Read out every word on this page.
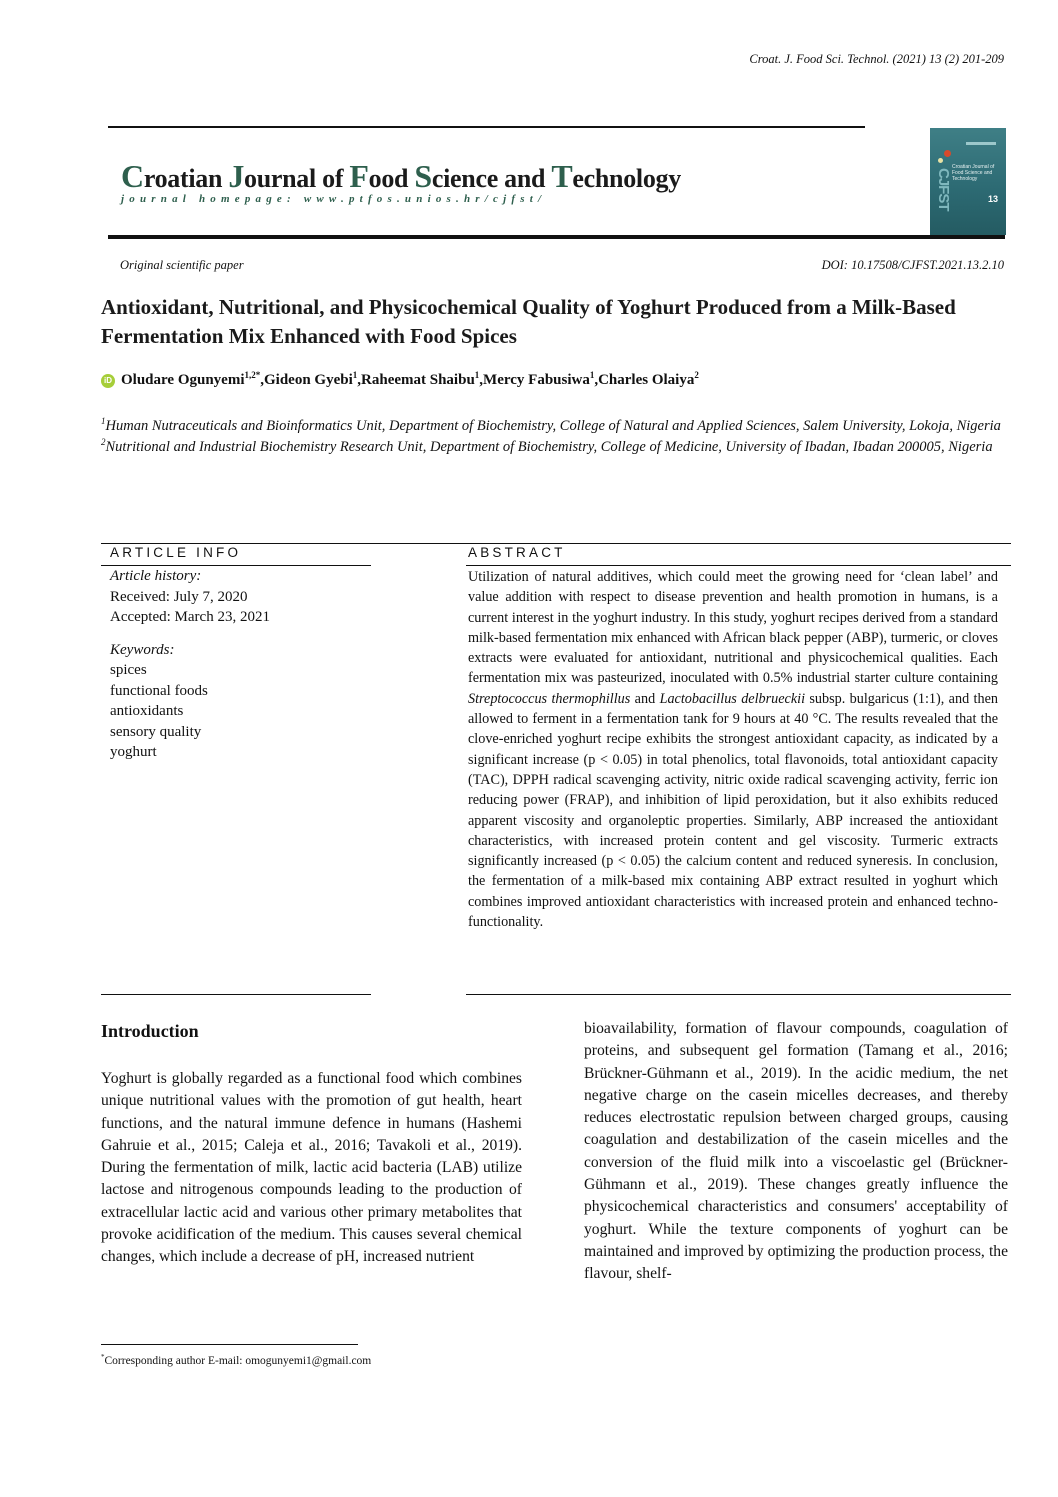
Croat. J. Food Sci. Technol. (2021) 13 (2) 201-209
Croatian Journal of Food Science and Technology
journal homepage: www.ptfos.unios.hr/cjfst/	CJFST
Croatian Journal of Food Science and Technology
13
Original scientific paper	DOI: 10.17508/CJFST.2021.13.2.10
Antioxidant, Nutritional, and Physicochemical Quality of Yoghurt Produced from a Milk-Based Fermentation Mix Enhanced with Food Spices
iD Oludare Ogunyemi$^{1,2*}$, Gideon Gyebi$^1$, Raheemat Shaibu$^1$, Mercy Fabusiwa$^1$, Charles Olaiya$^2$
$^1$Human Nutraceuticals and Bioinformatics Unit, Department of Biochemistry, College of Natural and Applied Sciences, Salem University, Lokoja, Nigeria
$^2$Nutritional and Industrial Biochemistry Research Unit, Department of Biochemistry, College of Medicine, University of Ibadan, Ibadan 200005, Nigeria
ARTICLE INFO	ABSTRACT
Article history:
Received: July 7, 2020
Accepted: March 23, 2021
Keywords:
spices
functional foods
antioxidants
sensory quality
yoghurt

Utilization of natural additives, which could meet the growing need for ‘clean label’ and value addition with respect to disease prevention and health promotion in humans, is a current interest in the yoghurt industry. In this study, yoghurt recipes derived from a standard milk-based fermentation mix enhanced with African black pepper (ABP), turmeric, or cloves extracts were evaluated for antioxidant, nutritional and physicochemical qualities. Each fermentation mix was pasteurized, inoculated with 0.5% industrial starter culture containing Streptococcus thermophillus and Lactobacillus delbrueckii subsp. bulgaricus (1:1), and then allowed to ferment in a fermentation tank for 9 hours at 40 °C. The results revealed that the clove-enriched yoghurt recipe exhibits the strongest antioxidant capacity, as indicated by a significant increase (p < 0.05) in total phenolics, total flavonoids, total antioxidant capacity (TAC), DPPH radical scavenging activity, nitric oxide radical scavenging activity, ferric ion reducing power (FRAP), and inhibition of lipid peroxidation, but it also exhibits reduced apparent viscosity and organoleptic properties. Similarly, ABP increased the antioxidant characteristics, with increased protein content and gel viscosity. Turmeric extracts significantly increased (p < 0.05) the calcium content and reduced syneresis. In conclusion, the fermentation of a milk-based mix containing ABP extract resulted in yoghurt which combines improved antioxidant characteristics with increased protein and enhanced techno-functionality.

Introduction

Yoghurt is globally regarded as a functional food which combines unique nutritional values with the promotion of gut health, heart functions, and the natural immune defence in humans (Hashemi Gahruie et al., 2015; Caleja et al., 2016; Tavakoli et al., 2019). During the fermentation of milk, lactic acid bacteria (LAB) utilize lactose and nitrogenous compounds leading to the production of extracellular lactic acid and various other primary metabolites that provoke acidification of the medium. This causes several chemical changes, which include a decrease of pH, increased nutrient

bioavailability, formation of flavour compounds, coagulation of proteins, and subsequent gel formation (Tamang et al., 2016; Brückner-Gühmann et al., 2019). In the acidic medium, the net negative charge on the casein micelles decreases, and thereby reduces electrostatic repulsion between charged groups, causing coagulation and destabilization of the casein micelles and the conversion of the fluid milk into a viscoelastic gel (Brückner-Gühmann et al., 2019). These changes greatly influence the physicochemical characteristics and consumers' acceptability of yoghurt. While the texture components of yoghurt can be maintained and improved by optimizing the production process, the flavour, shelf-

*Corresponding author E-mail: omogunyemi1@gmail.com
